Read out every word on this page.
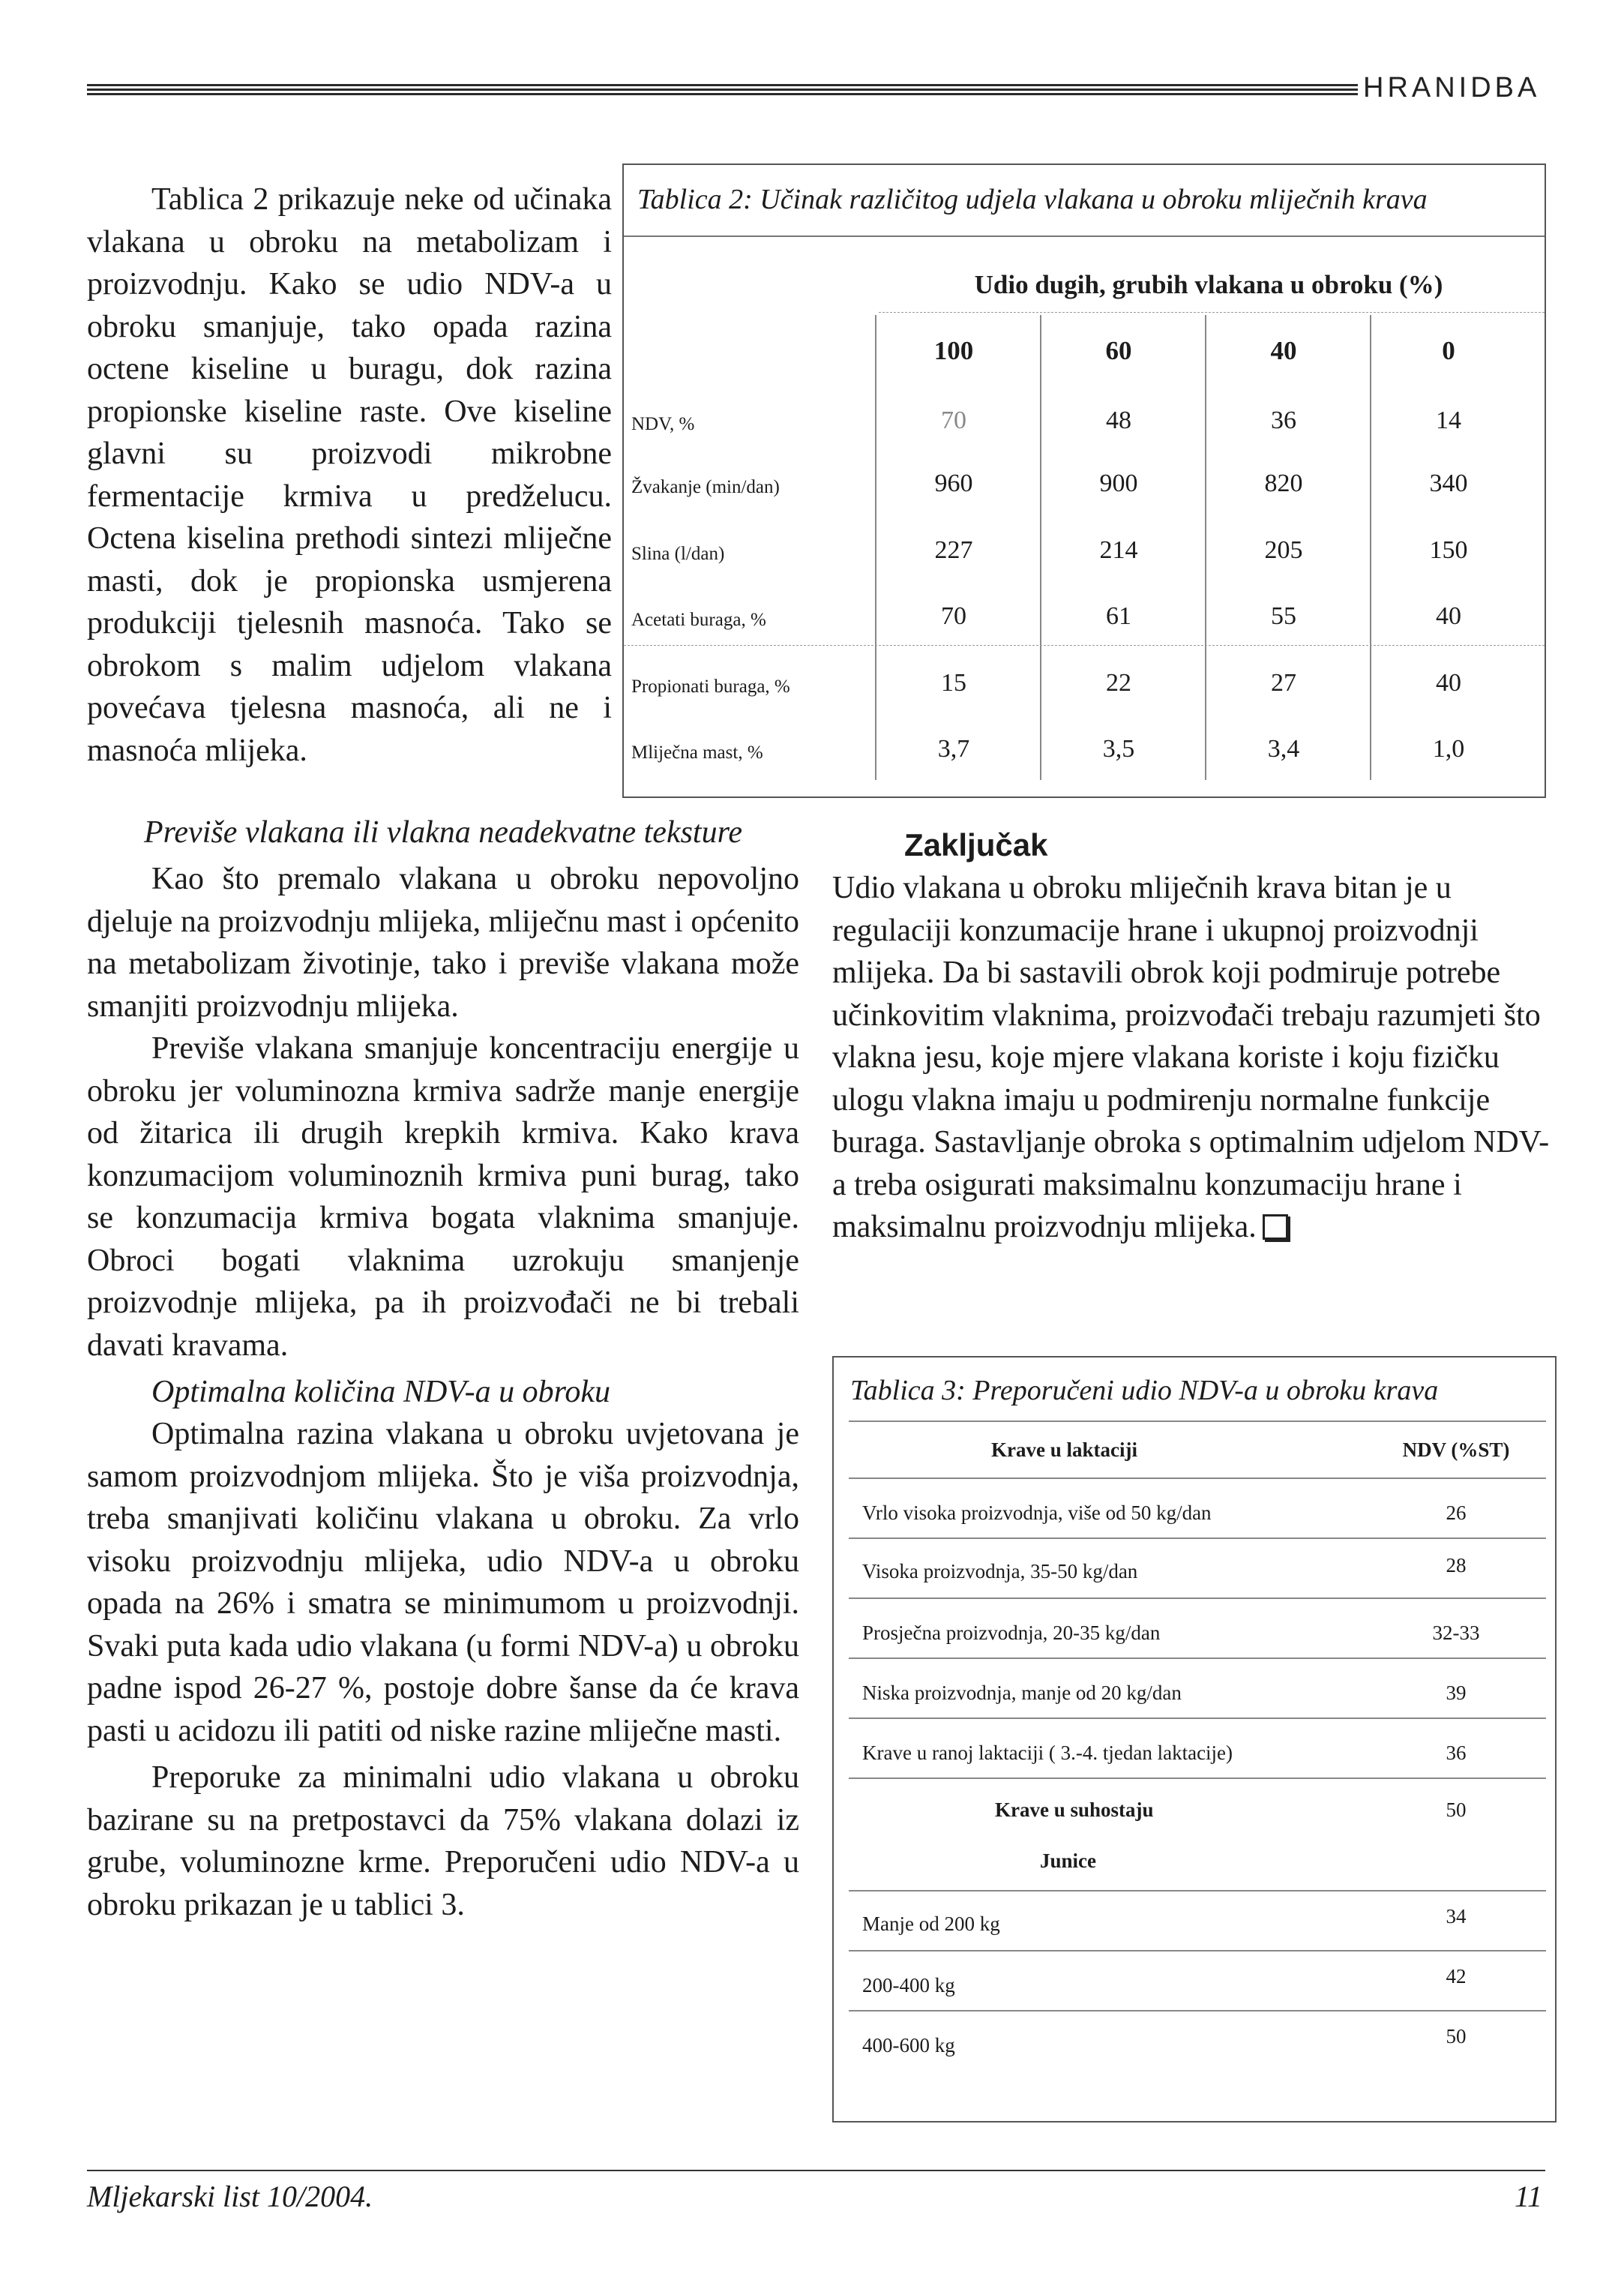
HRANIDBA

Tablica 2 prikazuje neke od učinaka vlakana u obroku na metabolizam i proizvodnju. Kako se udio NDV-a u obroku smanjuje, tako opada razina octene kiseline u buragu, dok razina propionske kiseline raste. Ove kiseline glavni su proizvodi mikrobne fermentacije krmiva u predželucu. Octena kiselina prethodi sintezi mliječne masti, dok je propionska usmjerena produkciji tjelesnih masnoća. Tako se obrokom s malim udjelom vlakana povećava tjelesna masnoća, ali ne i masnoća mlijeka.

Previše vlakana ili vlakna neadekvatne teksture

Kao što premalo vlakana u obroku nepovoljno djeluje na proizvodnju mlijeka, mliječnu mast i općenito na metabolizam životinje, tako i previše vlakana može smanjiti proizvodnju mlijeka.

Previše vlakana smanjuje koncentraciju energije u obroku jer voluminozna krmiva sadrže manje energije od žitarica ili drugih krepkih krmiva. Kako krava konzumacijom voluminoznih krmiva puni burag, tako se konzumacija krmiva bogata vlaknima smanjuje. Obroci bogati vlaknima uzrokuju smanjenje proizvodnje mlijeka, pa ih proizvođači ne bi trebali davati kravama.

Optimalna količina NDV-a u obroku

Optimalna razina vlakana u obroku uvjetovana je samom proizvodnjom mlijeka. Što je viša proizvodnja, treba smanjivati količinu vlakana u obroku. Za vrlo visoku proizvodnju mlijeka, udio NDV-a u obroku opada na 26% i smatra se minimumom u proizvodnji. Svaki puta kada udio vlakana (u formi NDV-a) u obroku padne ispod 26-27 %, postoje dobre šanse da će krava pasti u acidozu ili patiti od niske razine mliječne masti.

Preporuke za minimalni udio vlakana u obroku bazirane su na pretpostavci da 75% vlakana dolazi iz grube, voluminozne krme. Preporučeni udio NDV-a u obroku prikazan je u tablici 3.

Tablica 2: Učinak različitog udjela vlakana u obroku mliječnih krava
Udio dugih, grubih vlakana u obroku (%)
100	60	40	0
NDV, %	70	48	36	14
Žvakanje (min/dan)	960	900	820	340
Slina (l/dan)	227	214	205	150
Acetati buraga, %	70	61	55	40
Propionati buraga, %	15	22	27	40
Mliječna mast, %	3,7	3,5	3,4	1,0

Zaključak

Udio vlakana u obroku mliječnih krava bitan je u regulaciji konzumacije hrane i ukupnoj proizvodnji mlijeka. Da bi sastavili obrok koji podmiruje potrebe učinkovitim vlaknima, proizvođači trebaju razumjeti što vlakna jesu, koje mjere vlakana koriste i koju fizičku ulogu vlakna imaju u podmirenju normalne funkcije buraga. Sastavljanje obroka s optimalnim udjelom NDV-a treba osigurati maksimalnu konzumaciju hrane i maksimalnu proizvodnju mlijeka.

Tablica 3: Preporučeni udio NDV-a u obroku krava
Krave u laktaciji	NDV (%ST)
Vrlo visoka proizvodnja, više od 50 kg/dan	26
Visoka proizvodnja, 35-50 kg/dan	28
Prosječna proizvodnja, 20-35 kg/dan	32-33
Niska proizvodnja, manje od 20 kg/dan	39
Krave u ranoj laktaciji ( 3.-4. tjedan laktacije)	36
Krave u suhostaju	50
Junice
Manje od 200 kg	34
200-400 kg	42
400-600 kg	50
Mljekarski list 10/2004.	11
